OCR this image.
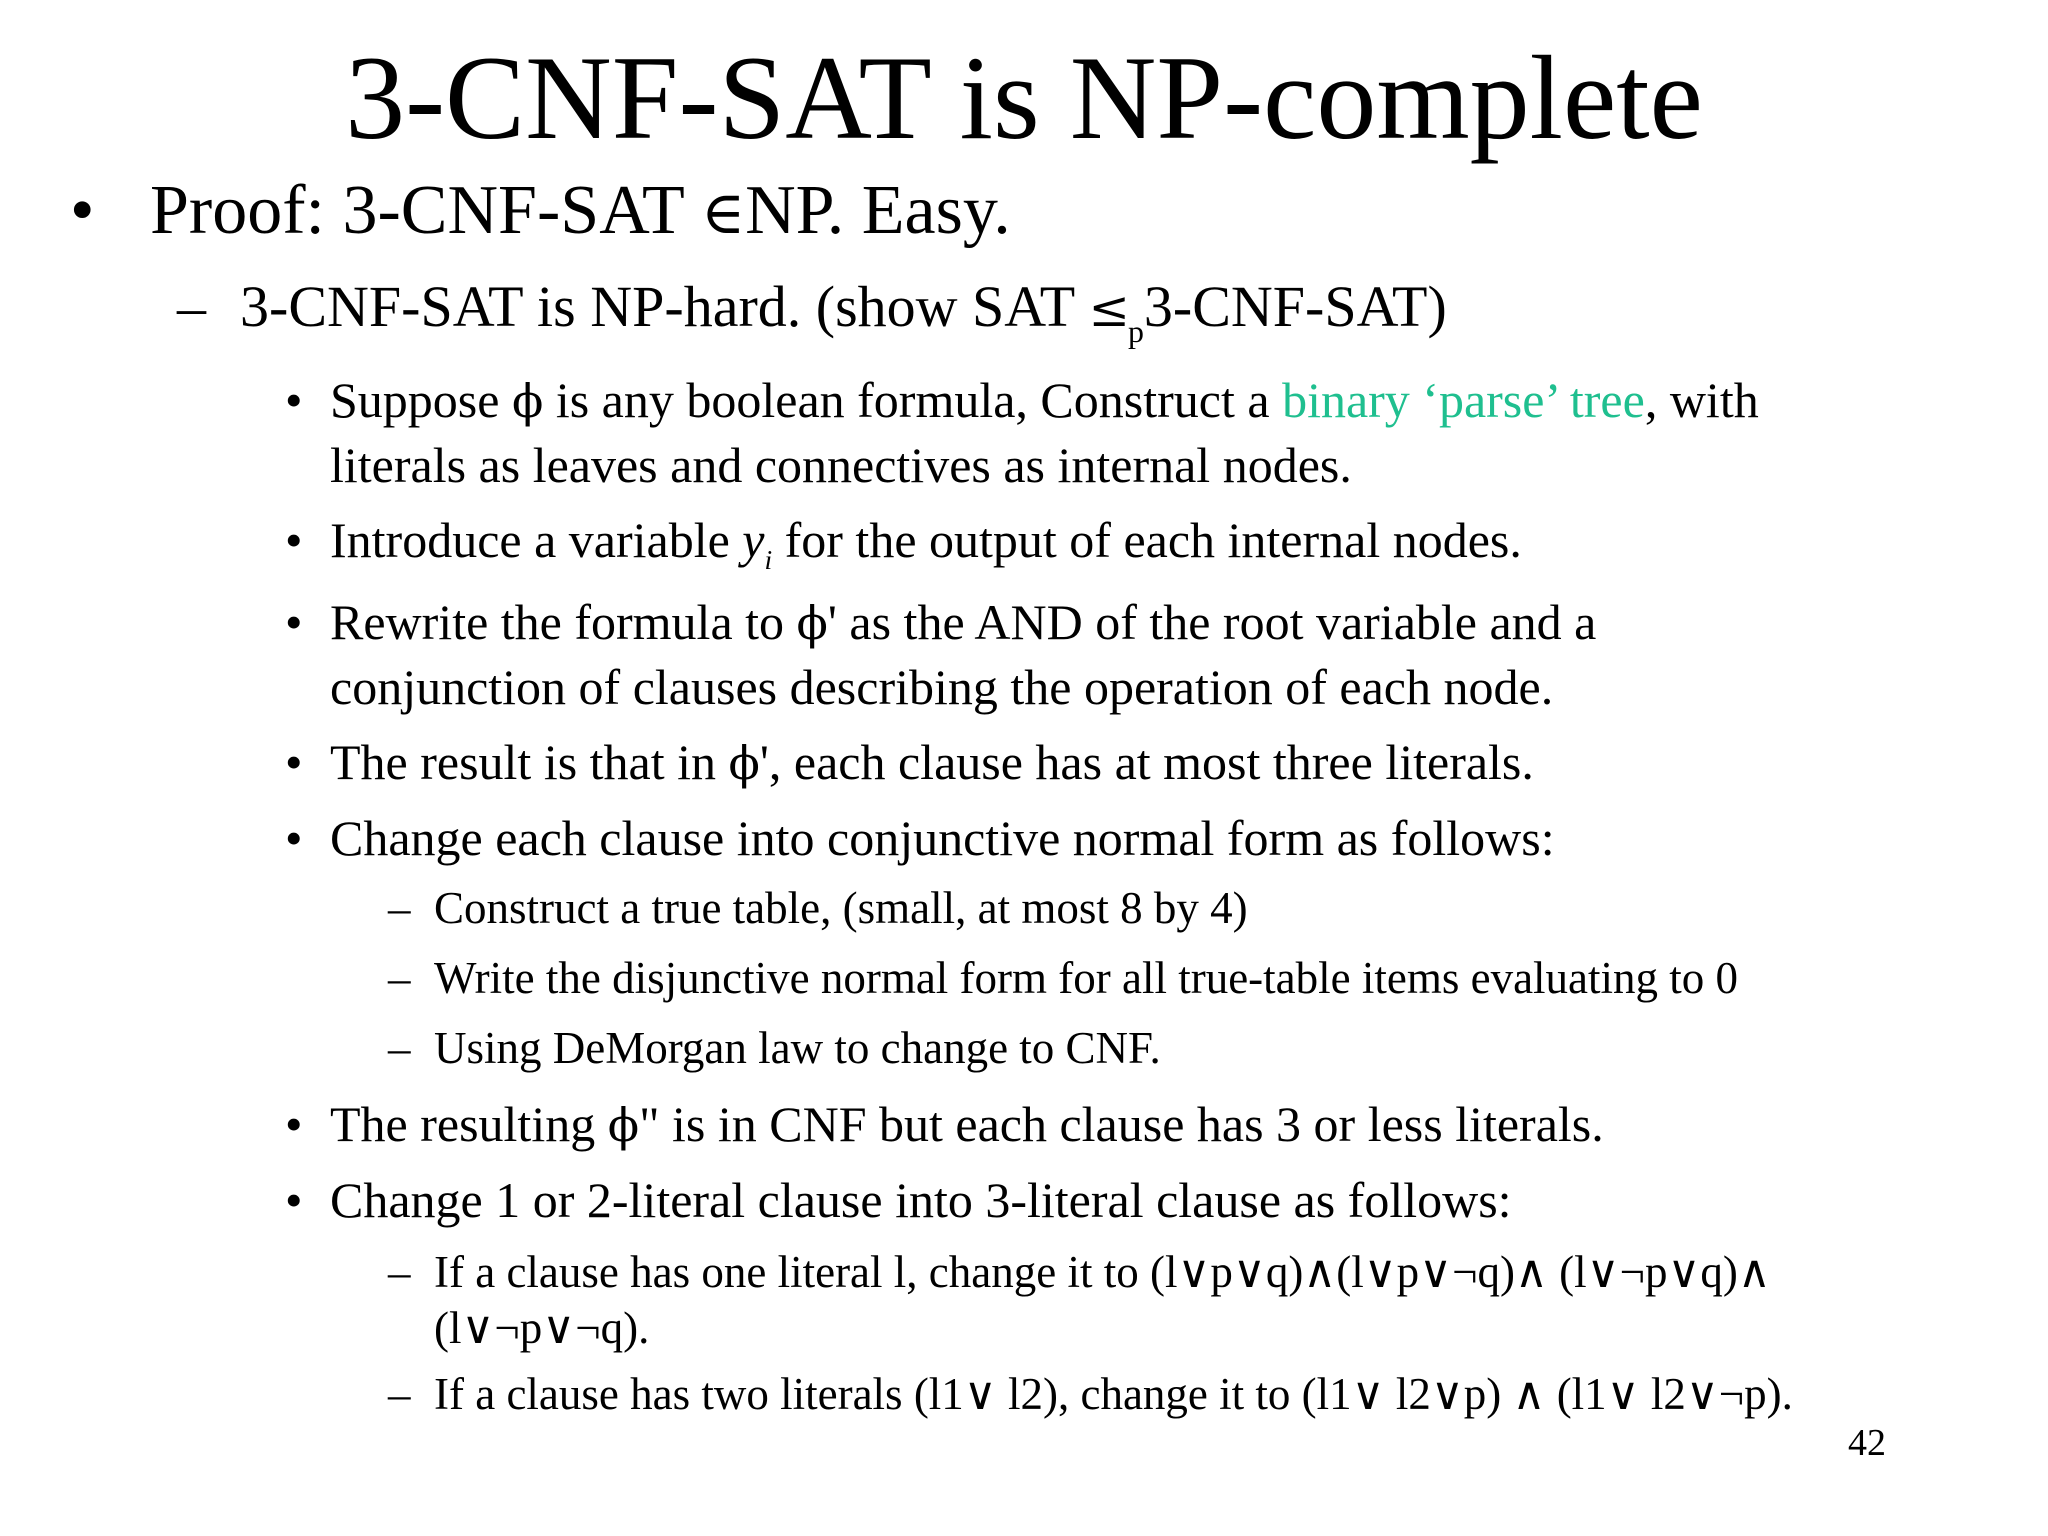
3-CNF-SAT is NP-complete
• Proof: 3-CNF-SAT ∈NP. Easy.
– 3-CNF-SAT is NP-hard. (show SAT $\le_p3-CNF-SAT$)
• Suppose ϕ is any boolean formula, Construct a binary ‘parse’ tree, with
literals as leaves and connectives as internal nodes.
• Introduce a variable $y_i$ for the output of each internal nodes.
• Rewrite the formula to ϕ' as the AND of the root variable and a
conjunction of clauses describing the operation of each node.
• The result is that in ϕ', each clause has at most three literals.
• Change each clause into conjunctive normal form as follows:
– Construct a true table, (small, at most 8 by 4)
– Write the disjunctive normal form for all true-table items evaluating to 0
– Using DeMorgan law to change to CNF.
• The resulting ϕ" is in CNF but each clause has 3 or less literals.
• Change 1 or 2-literal clause into 3-literal clause as follows:
– If a clause has one literal l, change it to (l∨p∨q)∧(l∨p∨¬q)∧ (l∨¬p∨q)∧
(l∨¬p∨¬q).
– If a clause has two literals (l1∨ l2), change it to (l1∨ l2∨p) ∧ (l1∨ l2∨¬p).
42
